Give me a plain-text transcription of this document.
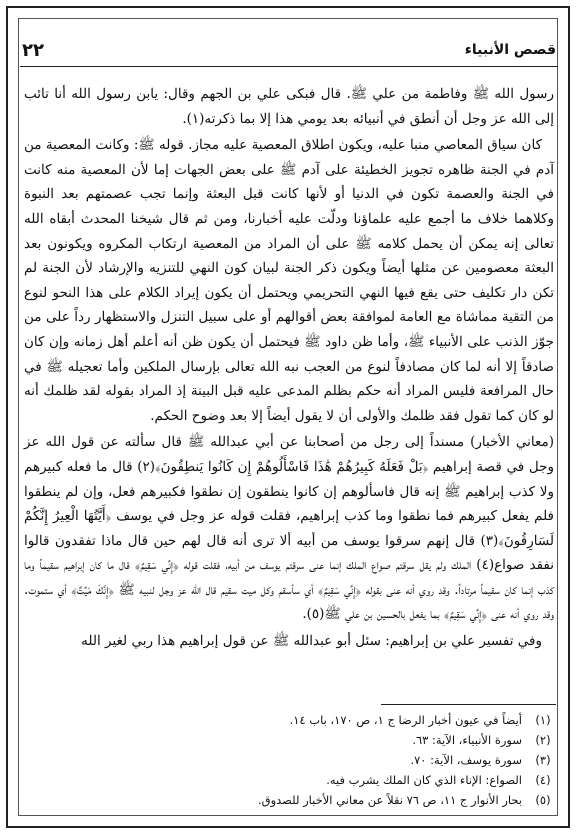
٢٢	قصص الأنبياء

رسول الله ﷺ وفاطمة من علي ﷺ. قال فبكى علي بن الجهم وقال: يابن رسول الله أنا تائب إلى الله عز وجل أن أنطق في أنبيائه بعد يومي هذا إلا بما ذكرته(١).

كان سياق المعاصي منبا عليه، ويكون اطلاق المعصية عليه مجاز. قوله ﷺ: وكانت المعصية من آدم في الجنة ظاهره تجويز الخطيئة على آدم ﷺ على بعض الجهات إما لأن المعصية منه كانت في الجنة والعصمة تكون في الدنيا أو لأنها كانت قبل البعثة وإنما تجب عصمتهم بعد النبوة وكلاهما خلاف ما أجمع عليه علماؤنا ودلّت عليه أخبارنا، ومن ثم قال شيخنا المحدث أبقاه الله تعالى إنه يمكن أن يحمل كلامه ﷺ على أن المراد من المعصية ارتكاب المكروه ويكونون بعد البعثة معصومين عن مثلها أيضاً ويكون ذكر الجنة لبيان كون النهي للتنزيه والإرشاد لأن الجنة لم تكن دار تكليف حتى يقع فيها النهي التحريمي ويحتمل أن يكون إيراد الكلام على هذا النحو لنوع من التقية مماشاة مع العامة لموافقة بعض أقوالهم أو على سبيل التنزل والاستظهار رداً على من جوّز الذنب على الأنبياء ﷺ، وأما ظن داود ﷺ فيحتمل أن يكون ظن أنه أعلم أهل زمانه وإن كان صادقاً إلا أنه لما كان مصادفاً لنوع من العجب نبه الله تعالى بإرسال الملكين وأما تعجيله ﷺ في حال المرافعة فليس المراد أنه حكم بظلم المدعى عليه قبل البينة إذ المراد بقوله لقد ظلمك أنه لو كان كما تقول فقد ظلمك والأولى أن لا يقول أيضاً إلا بعد وضوح الحكم.

(معاني الأخبار) مسنداً إلى رجل من أصحابنا عن أبي عبدالله ﷺ قال سألته عن قول الله عز وجل في قصة إبراهيم ﴿بَلْ فَعَلَهُ كَبِيرُهُمْ هَٰذَا فَاسْأَلُوهُمْ إِن كَانُوا يَنطِقُونَ﴾(٢) قال ما فعله كبيرهم ولا كذب إبراهيم ﷺ إنه قال فاسألوهم إن كانوا ينطقون إن نطقوا فكبيرهم فعل، وإن لم ينطقوا فلم يفعل كبيرهم فما نطقوا وما كذب إبراهيم، فقلت قوله عز وجل في يوسف ﴿أَيَّتُهَا الْعِيرُ إِنَّكُمْ لَسَارِقُونَ﴾(٣) قال إنهم سرقوا يوسف من أبيه ألا ترى أنه قال لهم حين قال ماذا تفقدون قالوا نفقد صواع(٤) الملك ولم يقل سرقتم صواع الملك إنما عنى سرقتم يوسف من أبيه، فقلت قوله ﴿إِنِّي سَقِيمٌ﴾ قال ما كان إبراهيم سقيماً وما كذب إنما كان سقيماً مرتاداً. وقد روي أنه عنى بقوله ﴿إِنِّي سَقِيمٌ﴾ أي سأسقم وكل ميت سقيم قال الله عز وجل لنبيه ﷺ ﴿إِنَّكَ مَيِّتٌ﴾ أي ستموت. وقد روي أنه عنى ﴿إِنِّي سَقِيمٌ﴾ بما يفعل بالحسين بن علي ﷺ(٥).

وفي تفسير علي بن إبراهيم: سئل أبو عبدالله ﷺ عن قول إبراهيم هذا ربي لغير الله

(١)
أيضاً في عيون أخبار الرضا ج ١، ص ١٧٠، باب ١٤.
(٢)
سورة الأنبياء، الآية: ٦٣.
(٣)
سورة يوسف، الآية: ٧٠.
(٤)
الصواع: الإناء الذي كان الملك يشرب فيه.
(٥)
بحار الأنوار ج ١١، ص ٧٦ نقلاً عن معاني الأخبار للصدوق.
